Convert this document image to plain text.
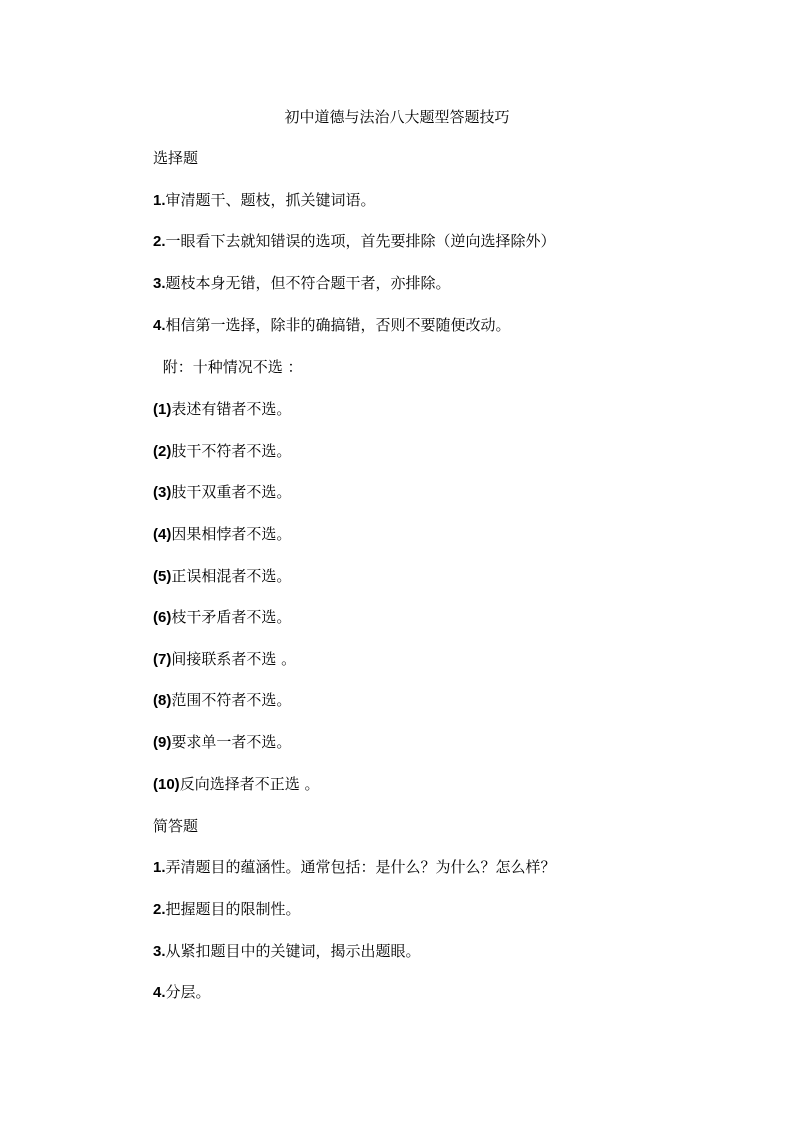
初中道德与法治八大题型答题技巧
选择题
1.审清题干、题枝，抓关键词语。
2.一眼看下去就知错误的选项，首先要排除（逆向选择除外）
3.题枝本身无错，但不符合题干者，亦排除。
4.相信第一选择，除非的确搞错，否则不要随便改动。
附：十种情况不选 ：
(1)表述有错者不选。
(2)肢干不符者不选。
(3)肢干双重者不选。
(4)因果相悖者不选。
(5)正误相混者不选。
(6)枝干矛盾者不选。
(7)间接联系者不选 。
(8)范围不符者不选。
(9)要求单一者不选。
(10)反向选择者不正选 。
简答题
1.弄清题目的蕴涵性。通常包括：是什么？为什么？怎么样？
2.把握题目的限制性。
3.从紧扣题目中的关键词，揭示出题眼。
4.分层。
